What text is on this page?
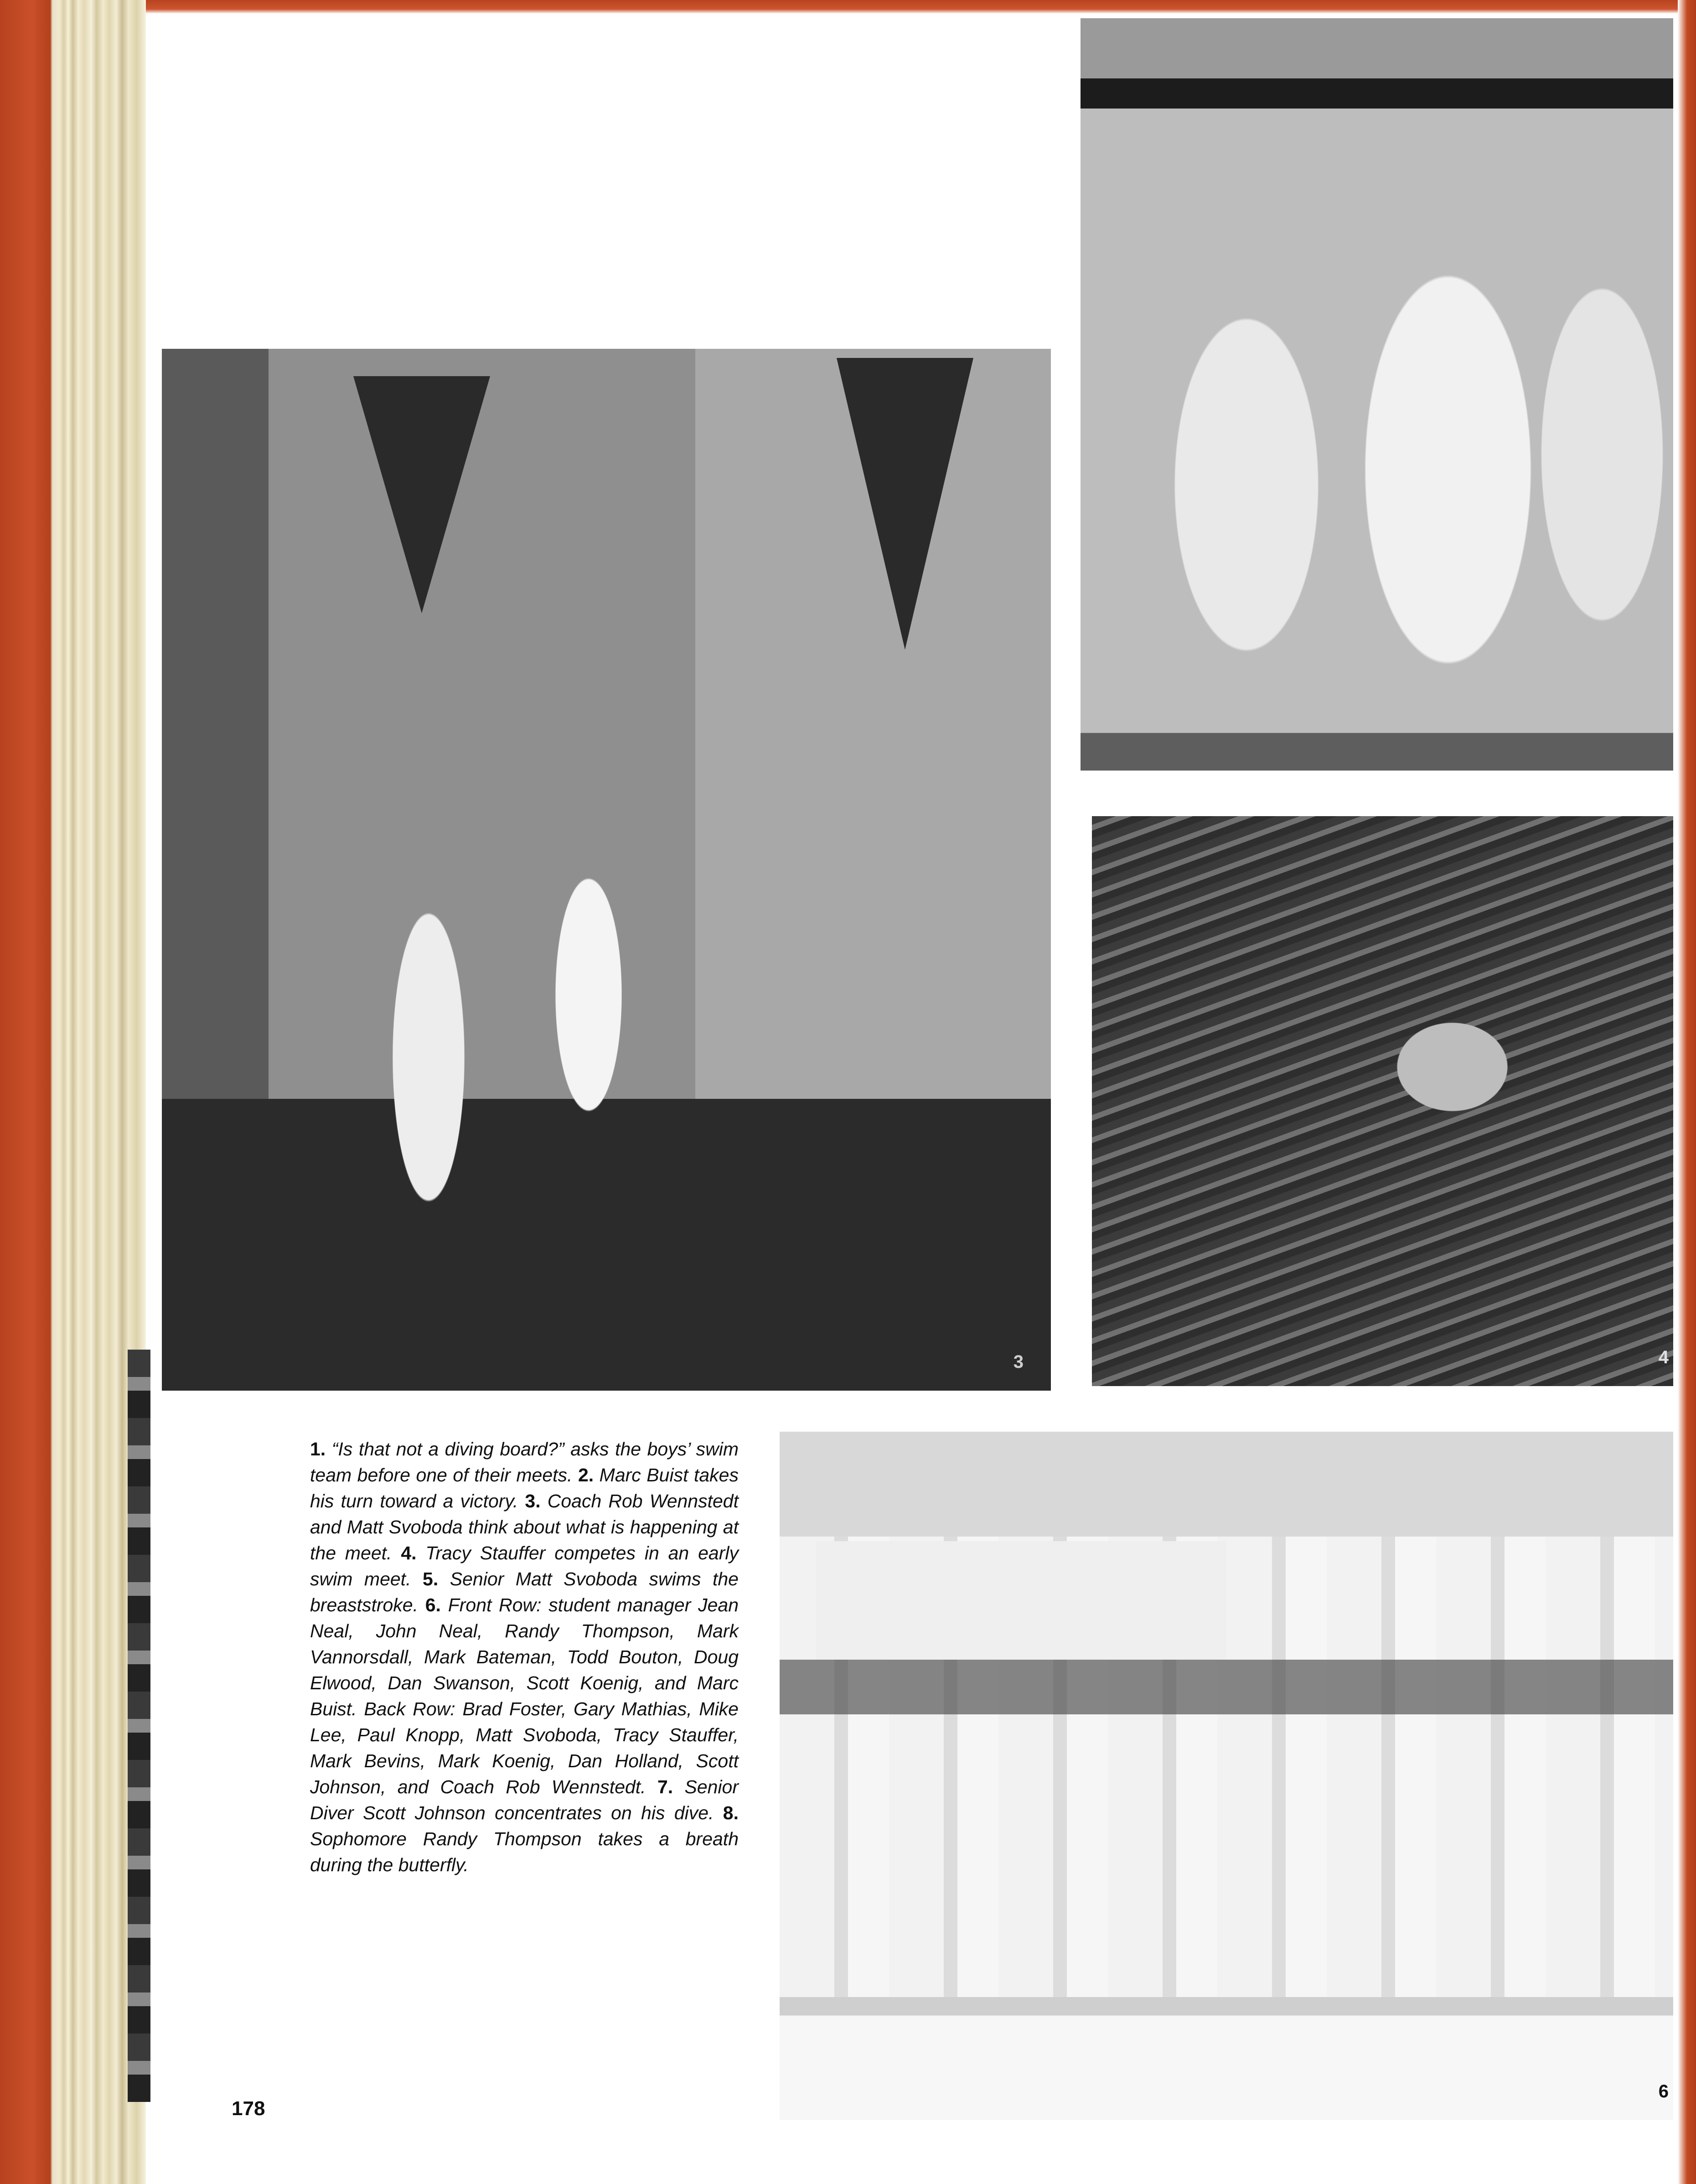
3	4
1. “Is that not a diving board?” asks the boys’ swim team before one of their meets. 2. Marc Buist takes his turn toward a victory. 3. Coach Rob Wennstedt and Matt Svoboda think about what is happening at the meet. 4. Tracy Stauffer competes in an early swim meet. 5. Senior Matt Svoboda swims the breaststroke. 6. Front Row: student manager Jean Neal, John Neal, Randy Thompson, Mark Vannorsdall, Mark Bateman, Todd Bouton, Doug Elwood, Dan Swanson, Scott Koenig, and Marc Buist. Back Row: Brad Foster, Gary Mathias, Mike Lee, Paul Knopp, Matt Svoboda, Tracy Stauffer, Mark Bevins, Mark Koenig, Dan Holland, Scott Johnson, and Coach Rob Wennstedt. 7. Senior Diver Scott Johnson concentrates on his dive. 8. Sophomore Randy Thompson takes a breath during the butterfly.
6
178
